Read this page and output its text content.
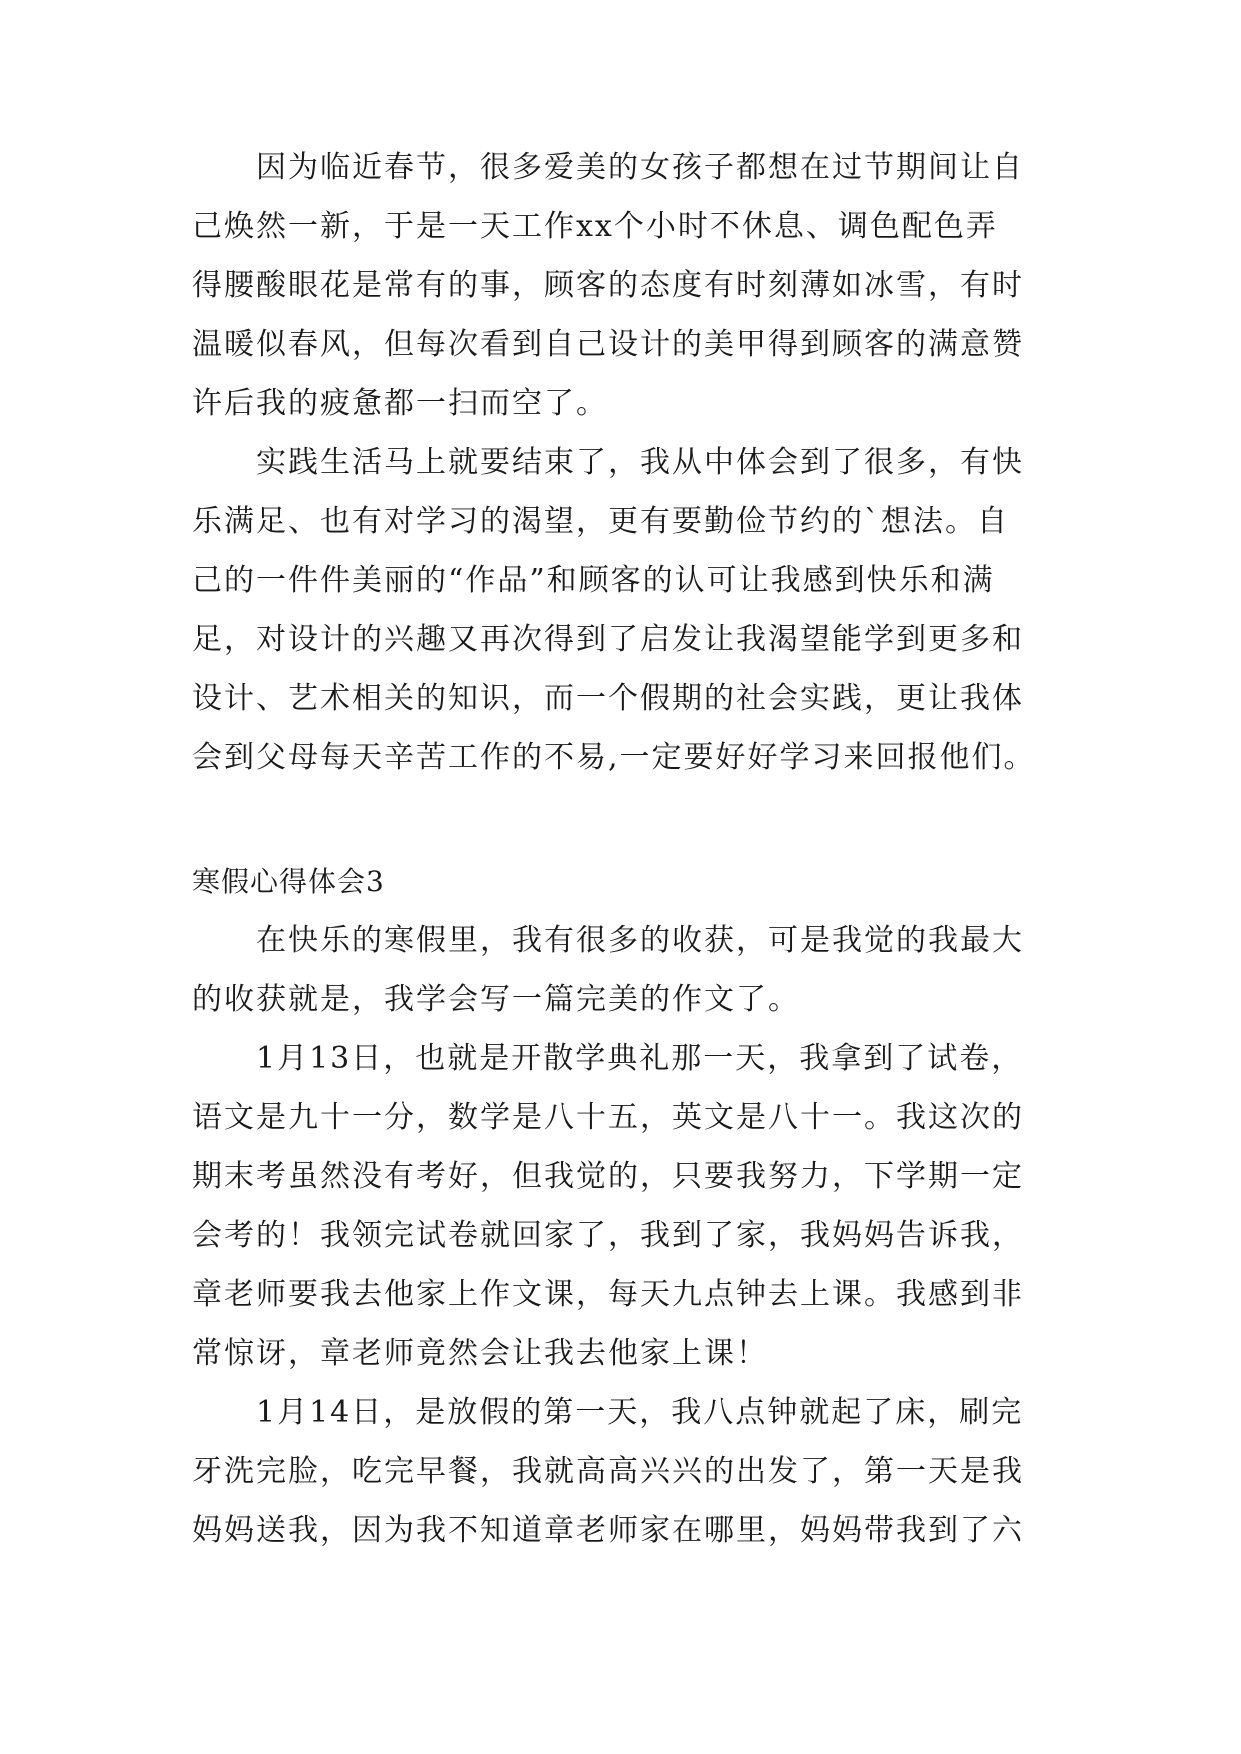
　　因为临近春节，很多爱美的女孩子都想在过节期间让自
己焕然一新，于是一天工作xx个小时不休息、调色配色弄
得腰酸眼花是常有的事，顾客的态度有时刻薄如冰雪，有时
温暖似春风，但每次看到自己设计的美甲得到顾客的满意赞
许后我的疲惫都一扫而空了。
　　实践生活马上就要结束了，我从中体会到了很多，有快
乐满足、也有对学习的渴望，更有要勤俭节约的`想法。自
己的一件件美丽的“作品”和顾客的认可让我感到快乐和满
足，对设计的兴趣又再次得到了启发让我渴望能学到更多和
设计、艺术相关的知识，而一个假期的社会实践，更让我体
会到父母每天辛苦工作的不易,一定要好好学习来回报他们。
寒假心得体会3
　　在快乐的寒假里，我有很多的收获，可是我觉的我最大
的收获就是，我学会写一篇完美的作文了。
　　1月13日，也就是开散学典礼那一天，我拿到了试卷，
语文是九十一分，数学是八十五，英文是八十一。我这次的
期末考虽然没有考好，但我觉的，只要我努力，下学期一定
会考的！我领完试卷就回家了，我到了家，我妈妈告诉我，
章老师要我去他家上作文课，每天九点钟去上课。我感到非
常惊讶，章老师竟然会让我去他家上课！
　　1月14日，是放假的第一天，我八点钟就起了床，刷完
牙洗完脸，吃完早餐，我就高高兴兴的出发了，第一天是我
妈妈送我，因为我不知道章老师家在哪里，妈妈带我到了六
